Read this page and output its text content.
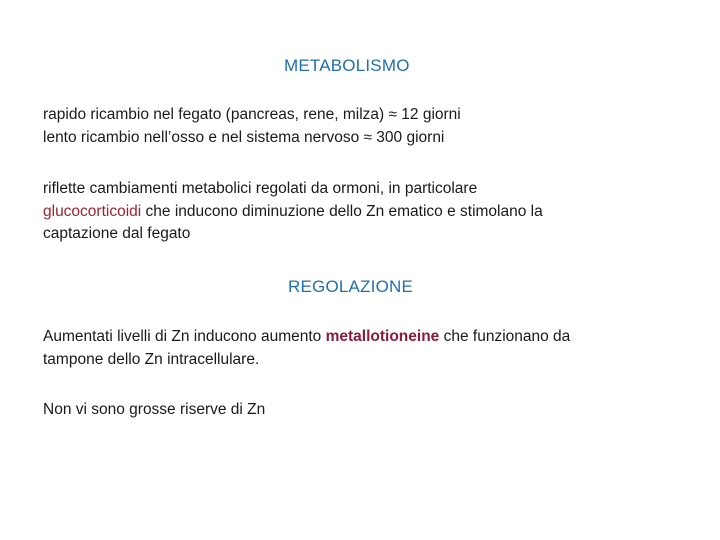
METABOLISMO
rapido ricambio nel fegato (pancreas, rene, milza) ≈ 12 giorni
lento ricambio nell’osso e nel sistema nervoso ≈ 300 giorni
riflette cambiamenti metabolici regolati da ormoni, in particolare
glucocorticoidi che inducono diminuzione dello Zn ematico e stimolano la
captazione dal fegato
REGOLAZIONE
Aumentati livelli di Zn inducono aumento metallotioneine che funzionano da
tampone dello Zn intracellulare.
Non vi sono grosse riserve di Zn
